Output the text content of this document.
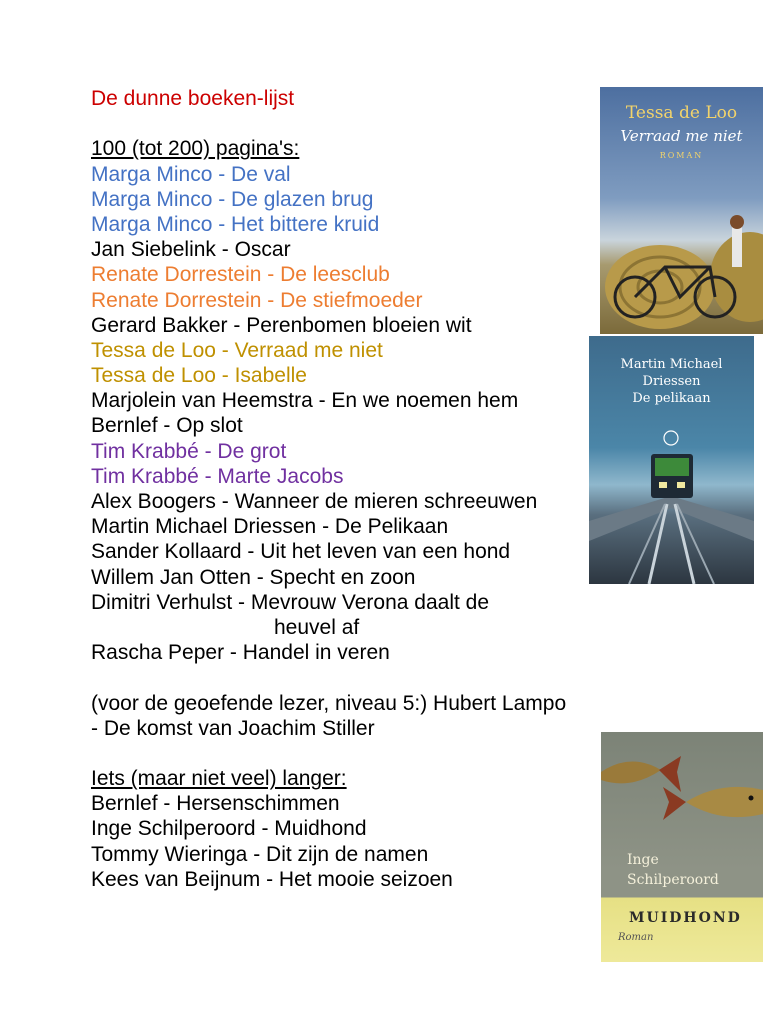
De dunne boeken-lijst
100 (tot 200) pagina's:
Marga Minco - De val
Marga Minco - De glazen brug
Marga Minco - Het bittere kruid
Jan Siebelink - Oscar
Renate Dorrestein - De leesclub
Renate Dorrestein - De stiefmoeder
Gerard Bakker - Perenbomen bloeien wit
Tessa de Loo - Verraad me niet
Tessa de Loo - Isabelle
Marjolein van Heemstra - En we noemen hem
Bernlef - Op slot
Tim Krabbé - De grot
Tim Krabbé - Marte Jacobs
Alex Boogers - Wanneer de mieren schreeuwen
Martin Michael Driessen - De Pelikaan
Sander Kollaard - Uit het leven van een hond
Willem Jan Otten - Specht en zoon
Dimitri Verhulst - Mevrouw Verona daalt de
heuvel af
Rascha Peper - Handel in veren
(voor de geoefende lezer, niveau 5:) Hubert Lampo - De komst van Joachim Stiller
Iets (maar niet veel) langer:
Bernlef - Hersenschimmen
Inge Schilperoord - Muidhond
Tommy Wieringa - Dit zijn de namen
Kees van Beijnum - Het mooie seizoen
Tessa de Loo
Verraad me niet
ROMAN
Martin Michael
Driessen
De pelikaan
Inge
Schilperoord
MUIDHOND
Roman
